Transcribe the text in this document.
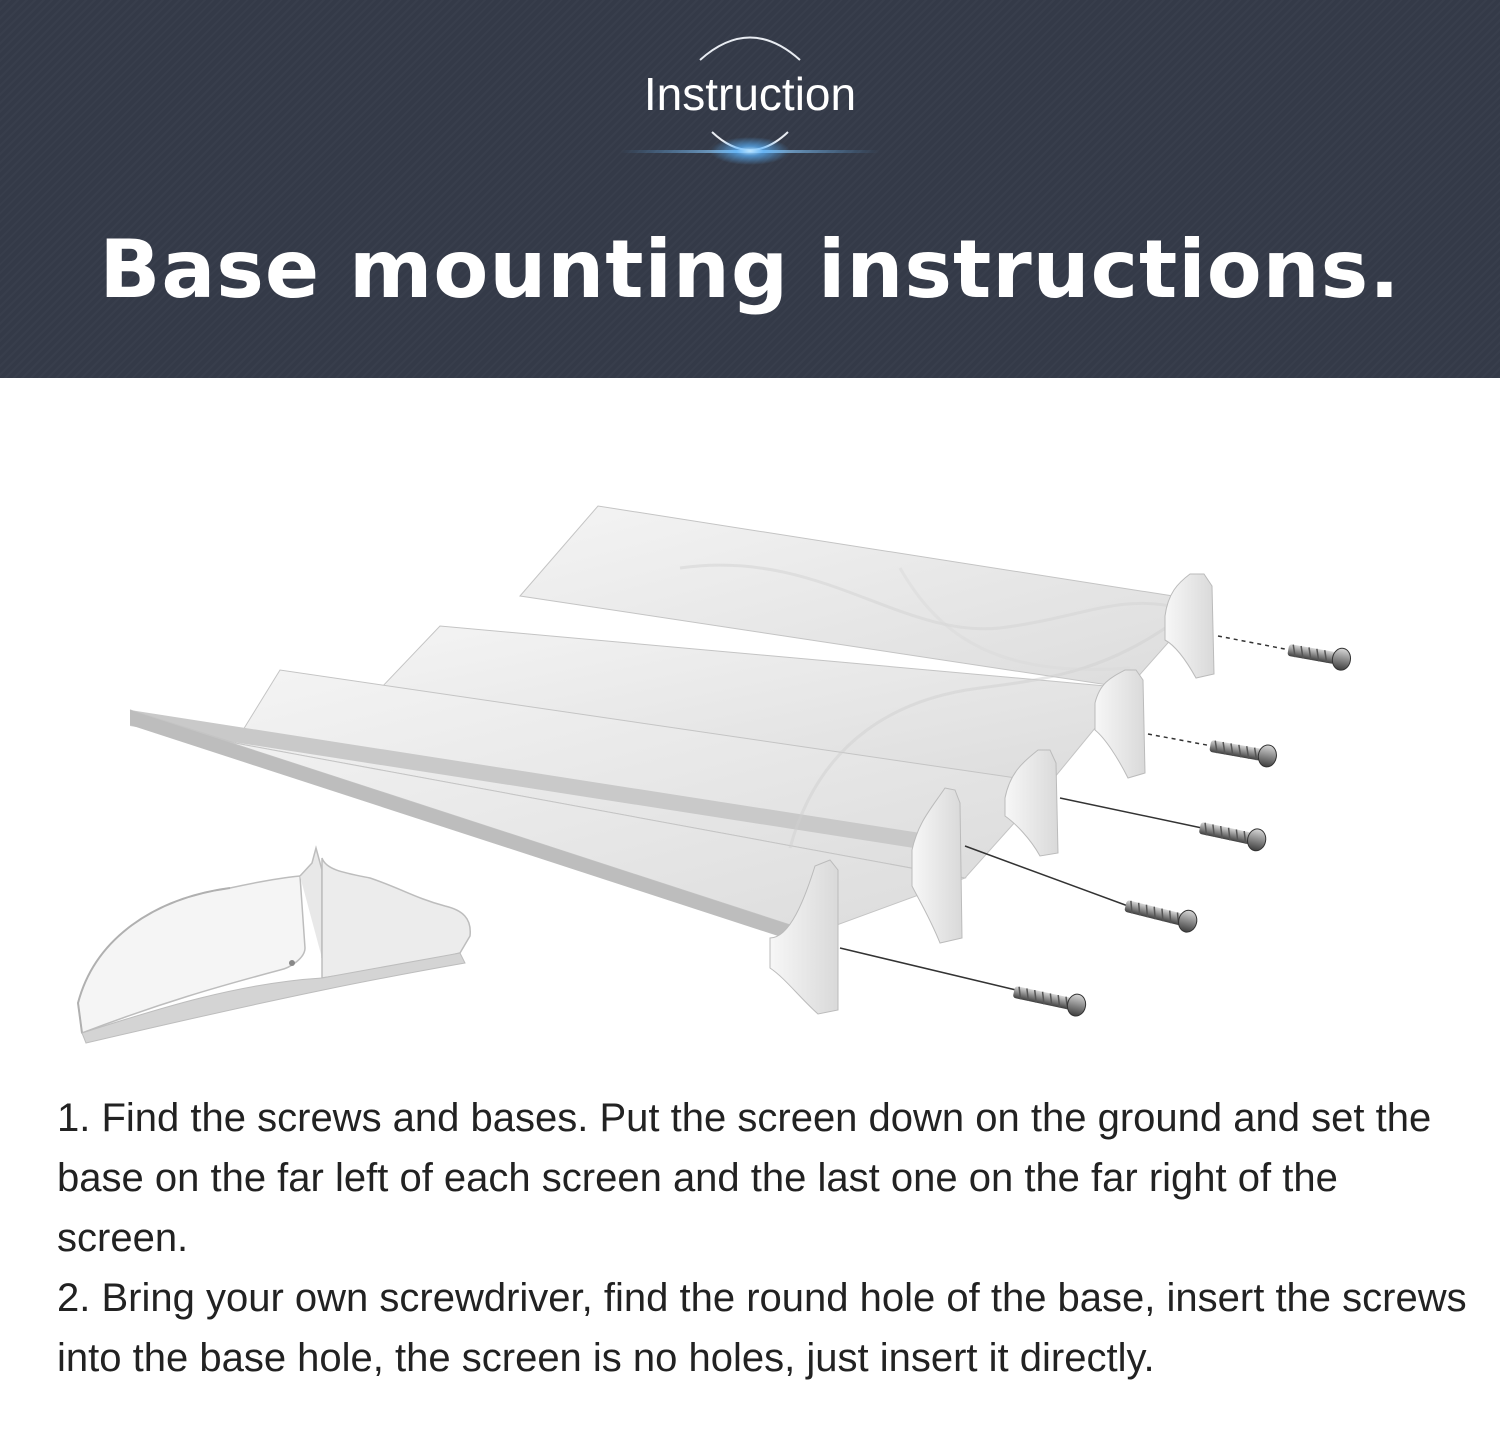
Instruction
Base mounting instructions.

1. Find the screws and bases. Put the screen down on the ground and set the base on the far left of each screen and the last one on the far right of the screen.

2. Bring your own screwdriver, find the round hole of the base, insert the screws into the base hole, the screen is no holes, just insert it directly.
